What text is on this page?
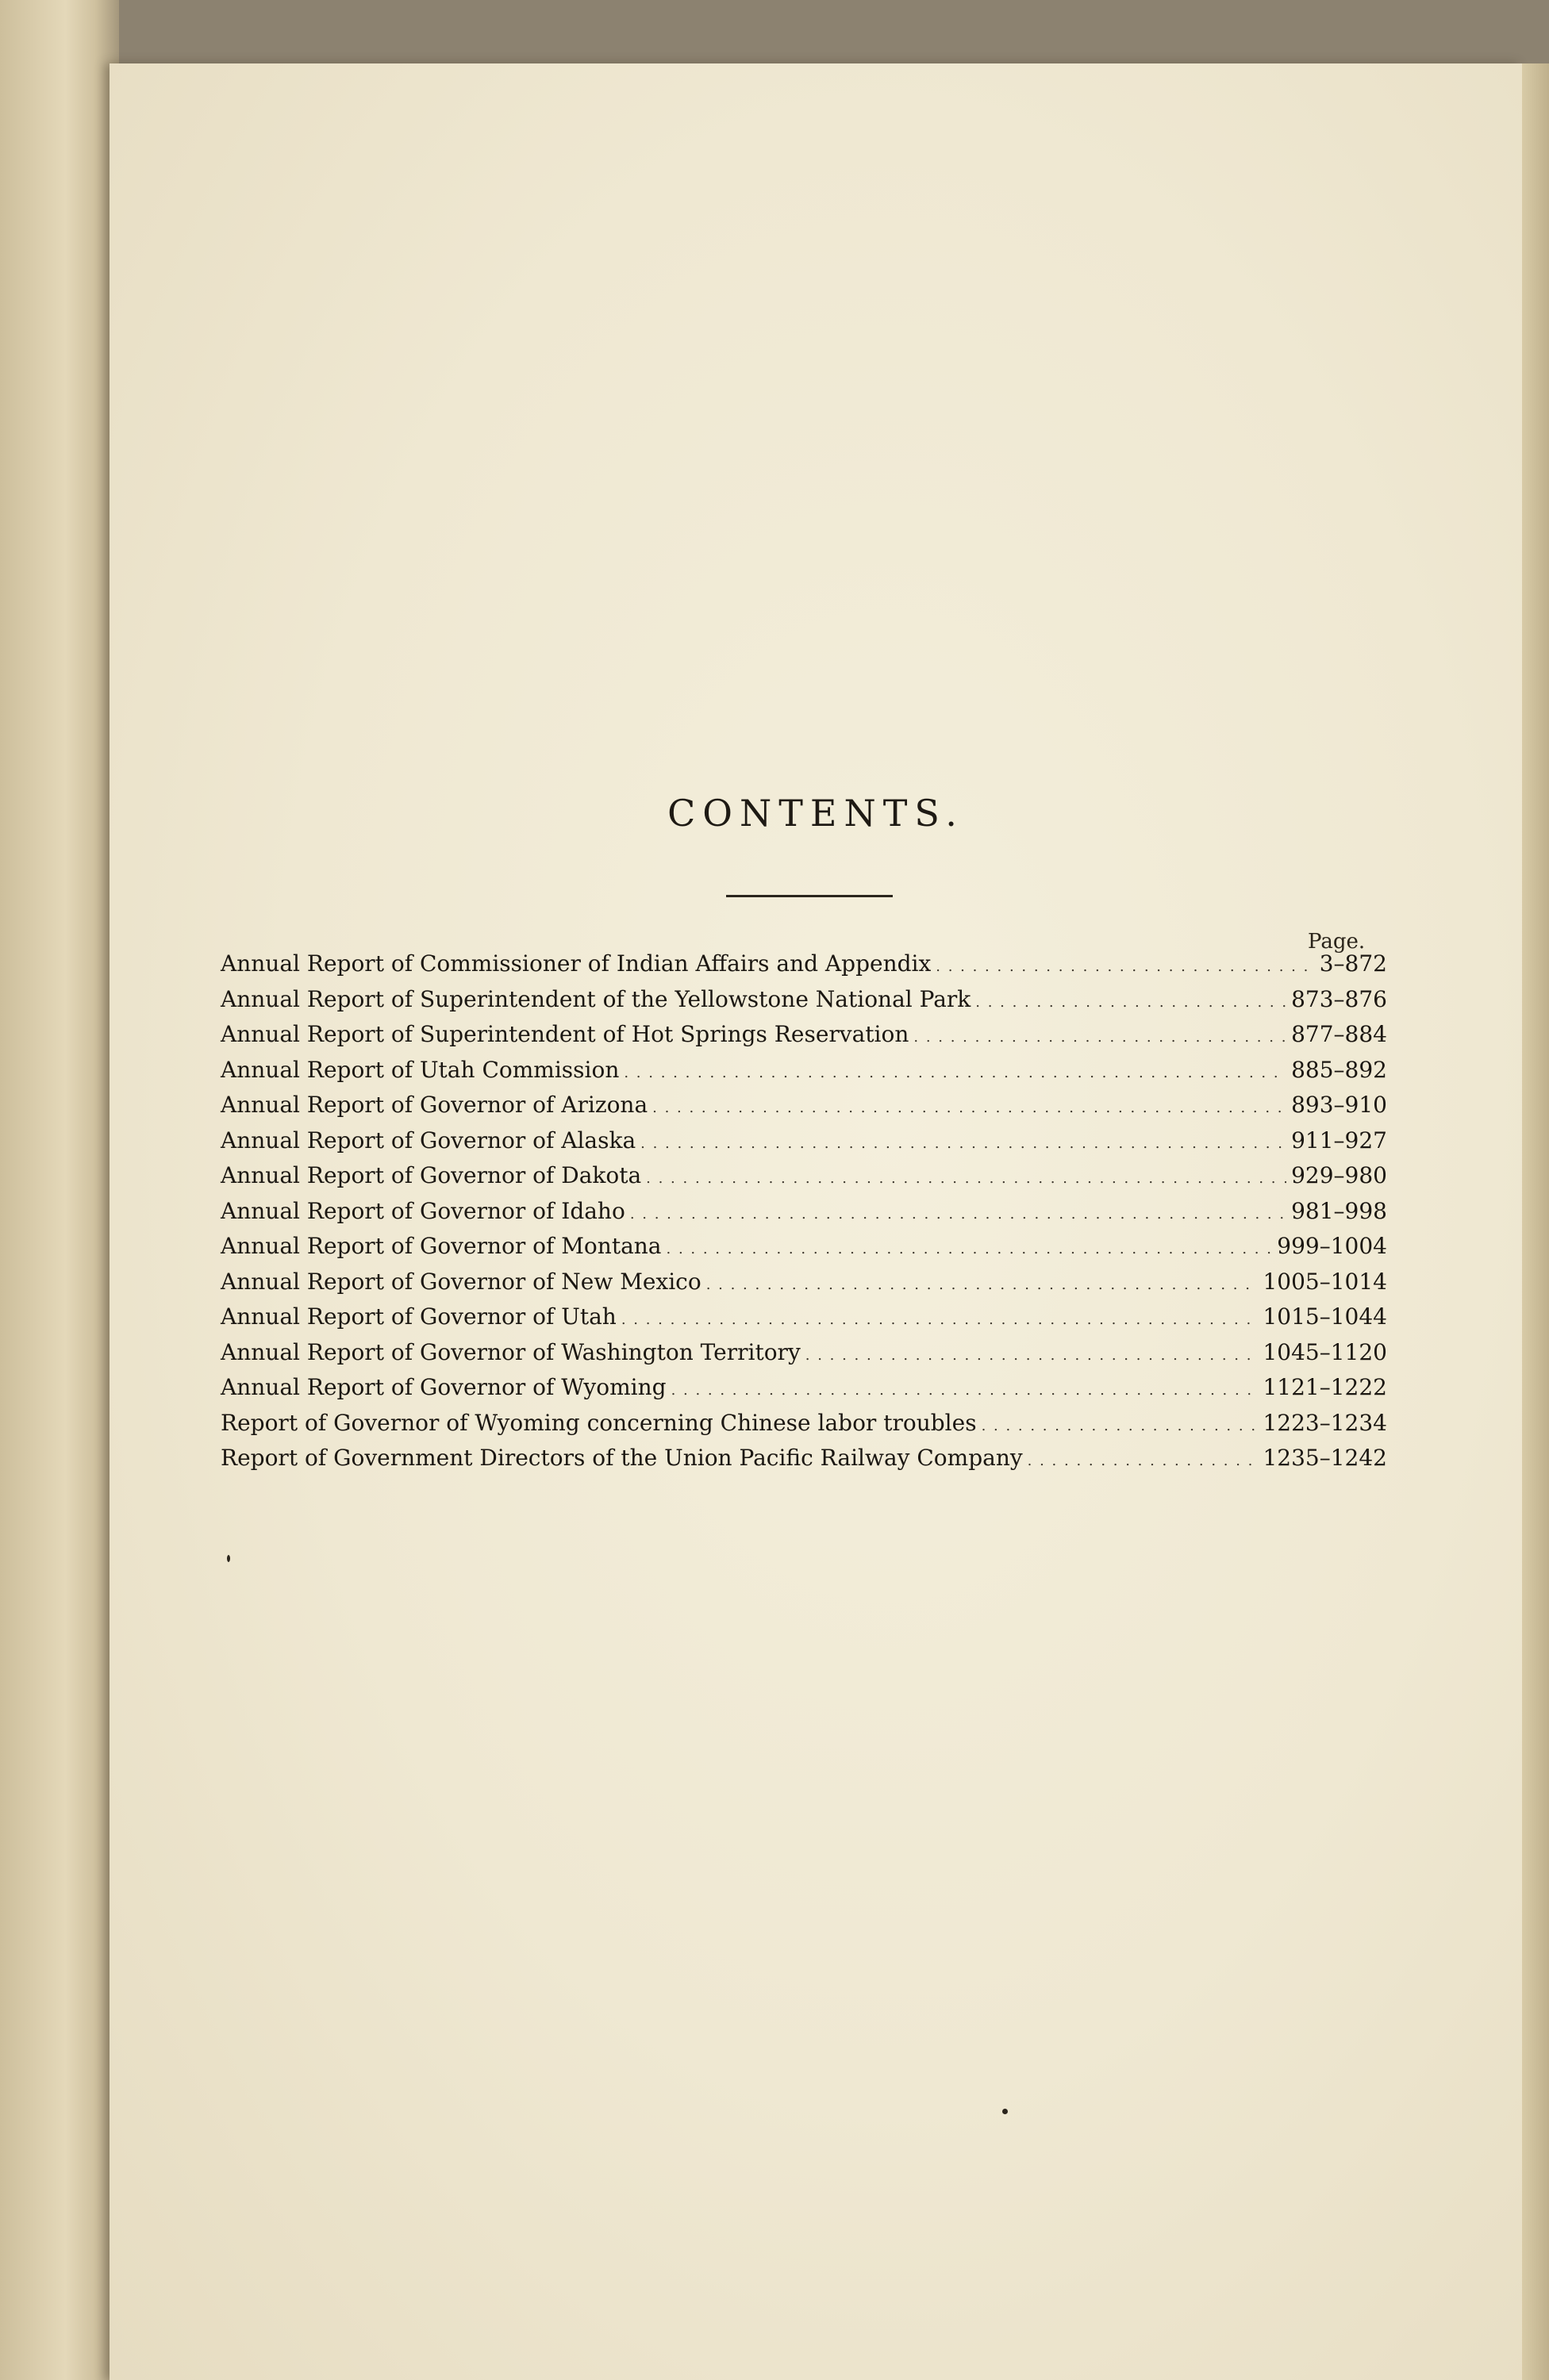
CONTENTS.
Page.
Annual Report of Commissioner of Indian Affairs and Appendix . . .	3–872
Annual Report of Superintendent of the Yellowstone National Park . . .	873–876
Annual Report of Superintendent of Hot Springs Reservation . . .	877–884
Annual Report of Utah Commission . . .	885–892
Annual Report of Governor of Arizona . . .	893–910
Annual Report of Governor of Alaska . . .	911–927
Annual Report of Governor of Dakota . . .	929–980
Annual Report of Governor of Idaho . . .	981–998
Annual Report of Governor of Montana . . .	999–1004
Annual Report of Governor of New Mexico . . .	1005–1014
Annual Report of Governor of Utah . . .	1015–1044
Annual Report of Governor of Washington Territory . . .	1045–1120
Annual Report of Governor of Wyoming . . .	1121–1222
Report of Governor of Wyoming concerning Chinese labor troubles . . .	1223–1234
Report of Government Directors of the Union Pacific Railway Company . . .	1235–1242
